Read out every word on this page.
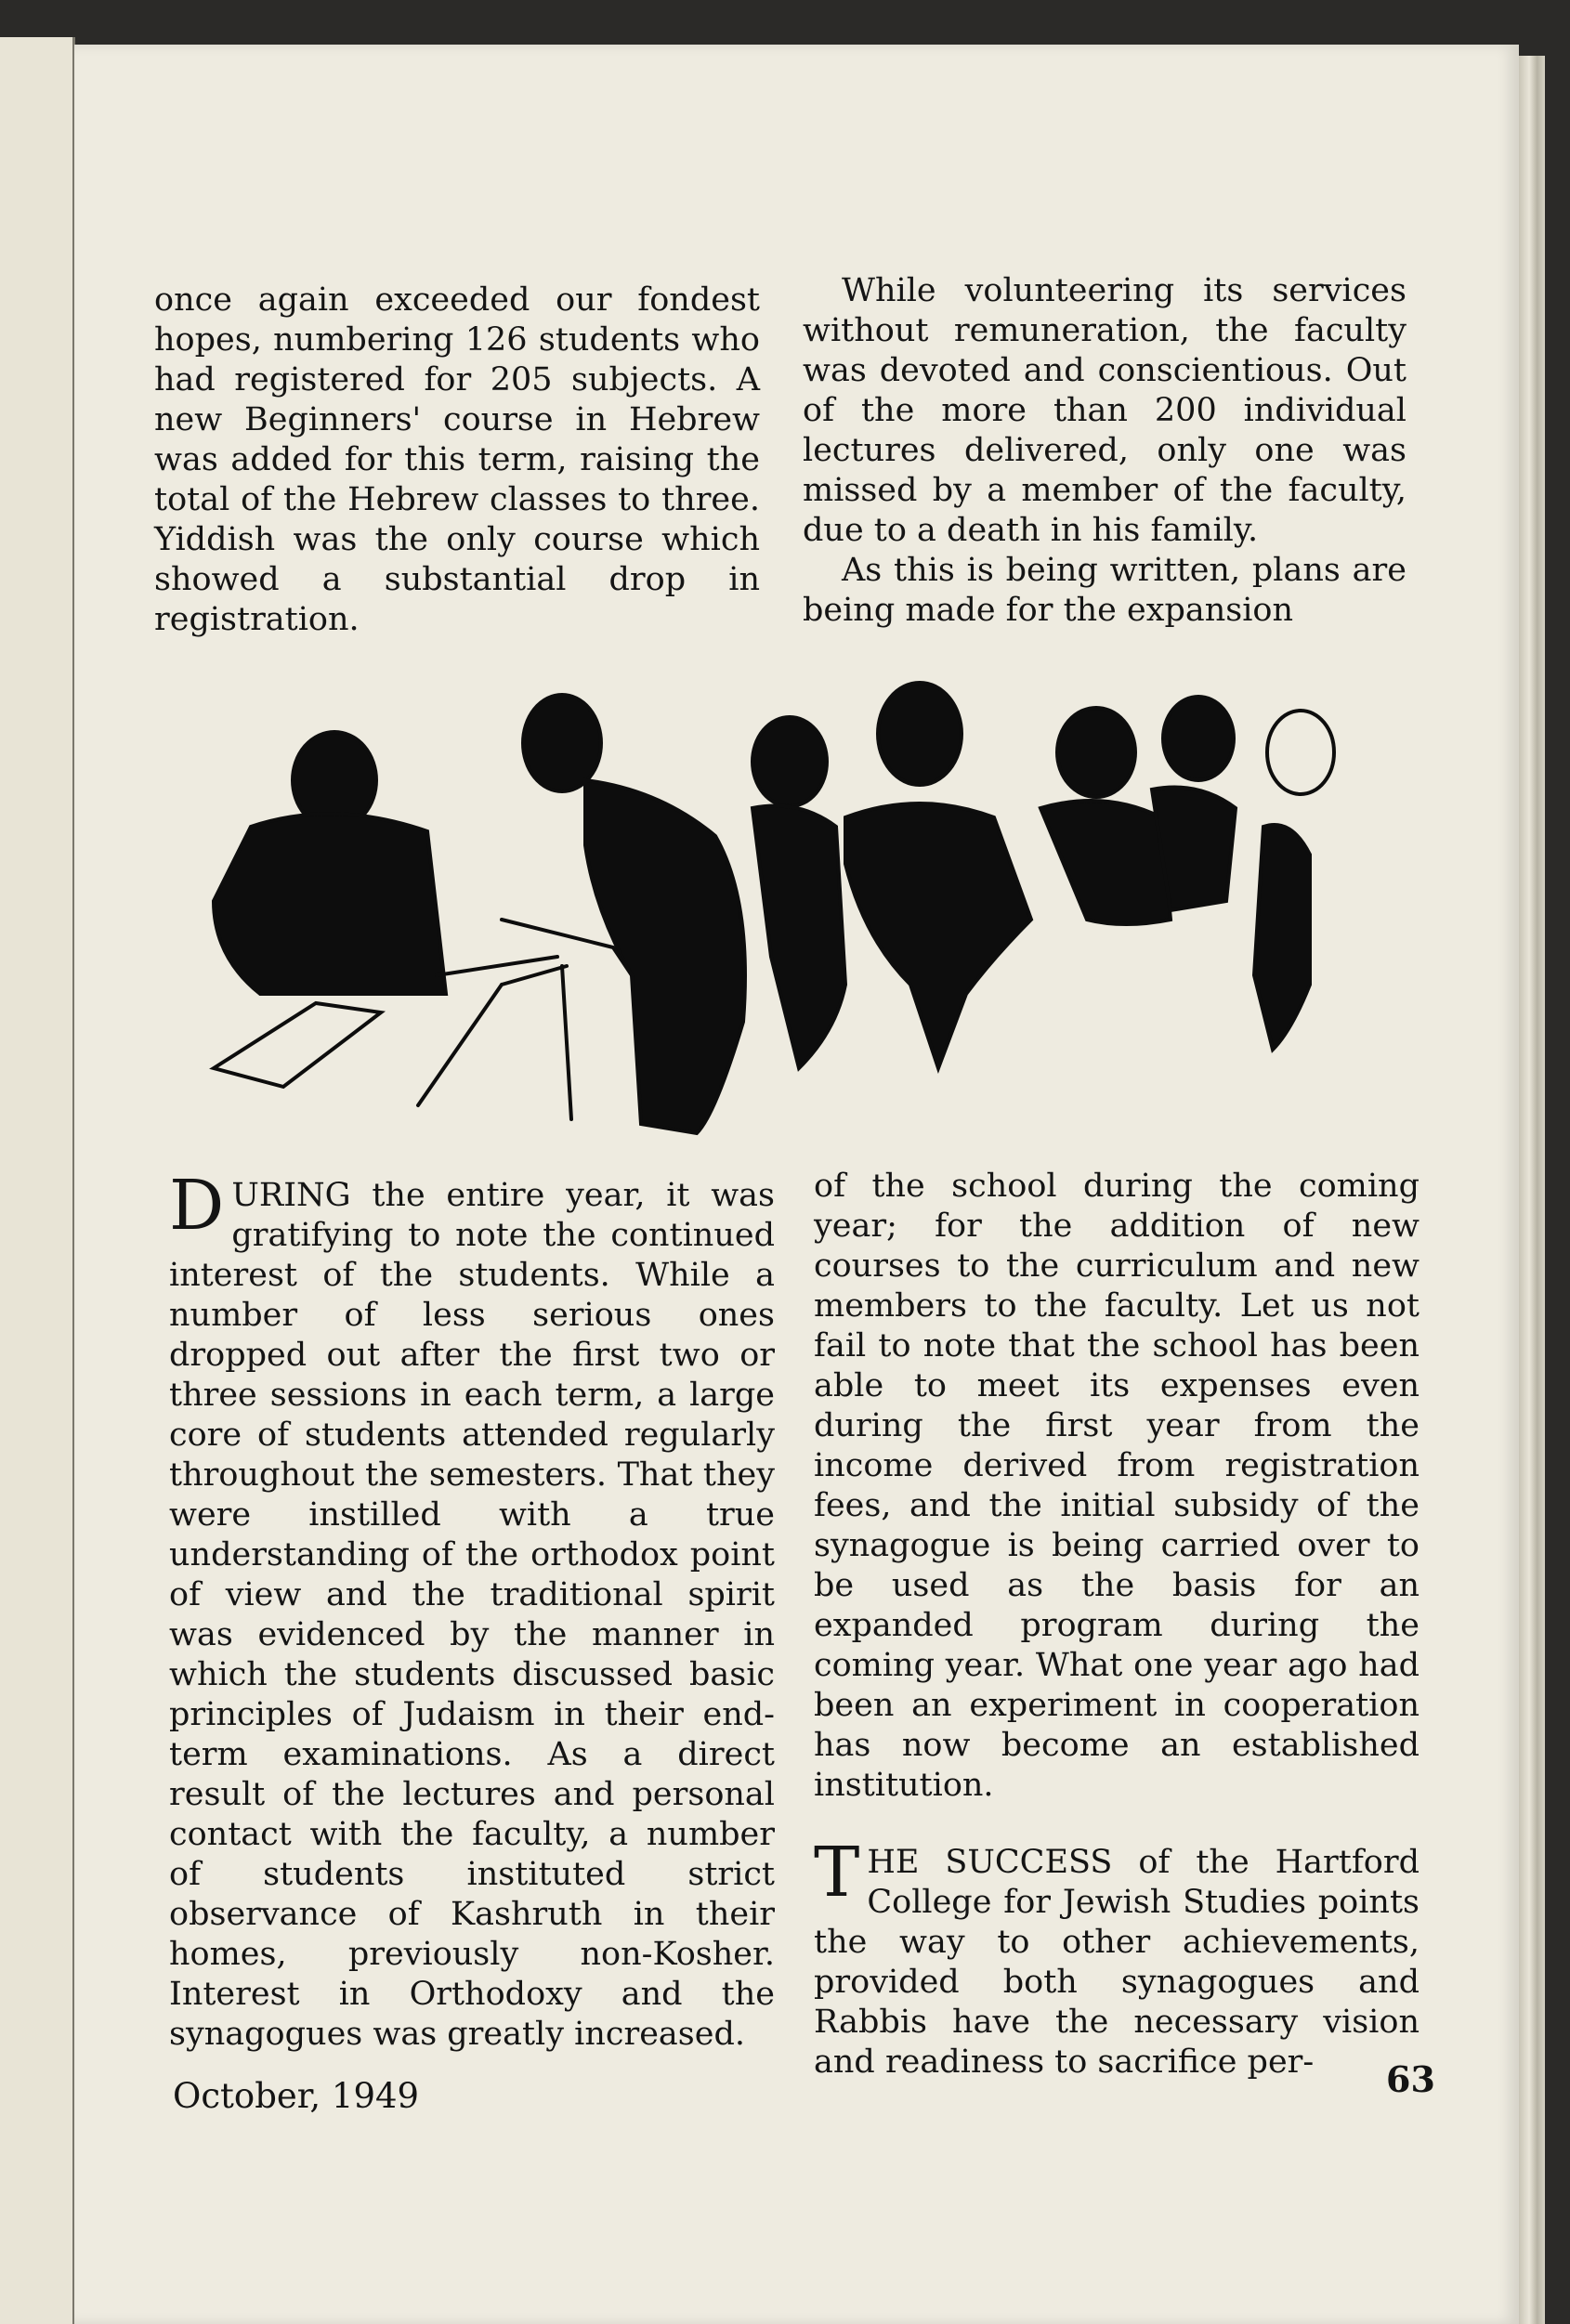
once again exceeded our fondest hopes, numbering 126 students who had registered for 205 subjects. A new Beginners' course in Hebrew was added for this term, raising the total of the Hebrew classes to three. Yiddish was the only course which showed a substantial drop in registration.

While volunteering its services without remuneration, the faculty was devoted and conscientious. Out of the more than 200 individual lectures delivered, only one was missed by a member of the faculty, due to a death in his family.

As this is being written, plans are being made for the expansion

DURING the entire year, it was gratifying to note the continued interest of the students. While a number of less serious ones dropped out after the first two or three sessions in each term, a large core of students attended regularly throughout the semesters. That they were instilled with a true understanding of the orthodox point of view and the traditional spirit was evidenced by the manner in which the students discussed basic principles of Judaism in their end-term examinations. As a direct result of the lectures and personal contact with the faculty, a number of students instituted strict observance of Kashruth in their homes, previously non-Kosher. Interest in Orthodoxy and the synagogues was greatly increased.

of the school during the coming year; for the addition of new courses to the curriculum and new members to the faculty. Let us not fail to note that the school has been able to meet its expenses even during the first year from the income derived from registration fees, and the initial subsidy of the synagogue is being carried over to be used as the basis for an expanded program during the coming year. What one year ago had been an experiment in cooperation has now become an established institution.

THE SUCCESS of the Hartford College for Jewish Studies points the way to other achievements, provided both synagogues and Rabbis have the necessary vision and readiness to sacrifice per-

October, 1949	63
